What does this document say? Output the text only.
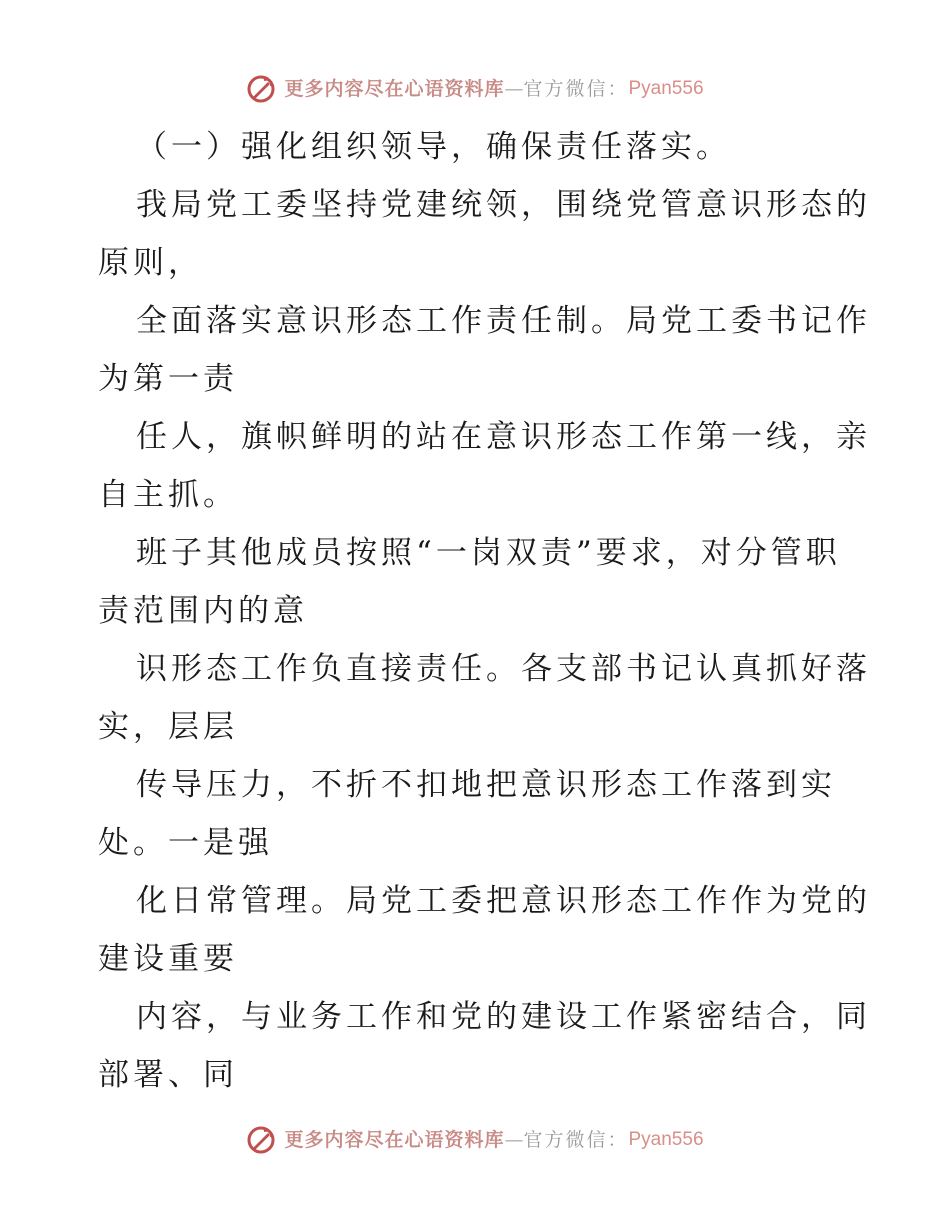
更多内容尽在心语资料库 — 官方微信： Pyan556

（一）强化组织领导，确保责任落实。

我局党工委坚持党建统领，围绕党管意识形态的

原则，

全面落实意识形态工作责任制。局党工委书记作

为第一责

任人，旗帜鲜明的站在意识形态工作第一线，亲

自主抓。

班子其他成员按照“一岗双责”要求，对分管职

责范围内的意

识形态工作负直接责任。各支部书记认真抓好落

实，层层

传导压力，不折不扣地把意识形态工作落到实

处。一是强

化日常管理。局党工委把意识形态工作作为党的

建设重要

内容，与业务工作和党的建设工作紧密结合，同

部署、同

更多内容尽在心语资料库 — 官方微信： Pyan556
